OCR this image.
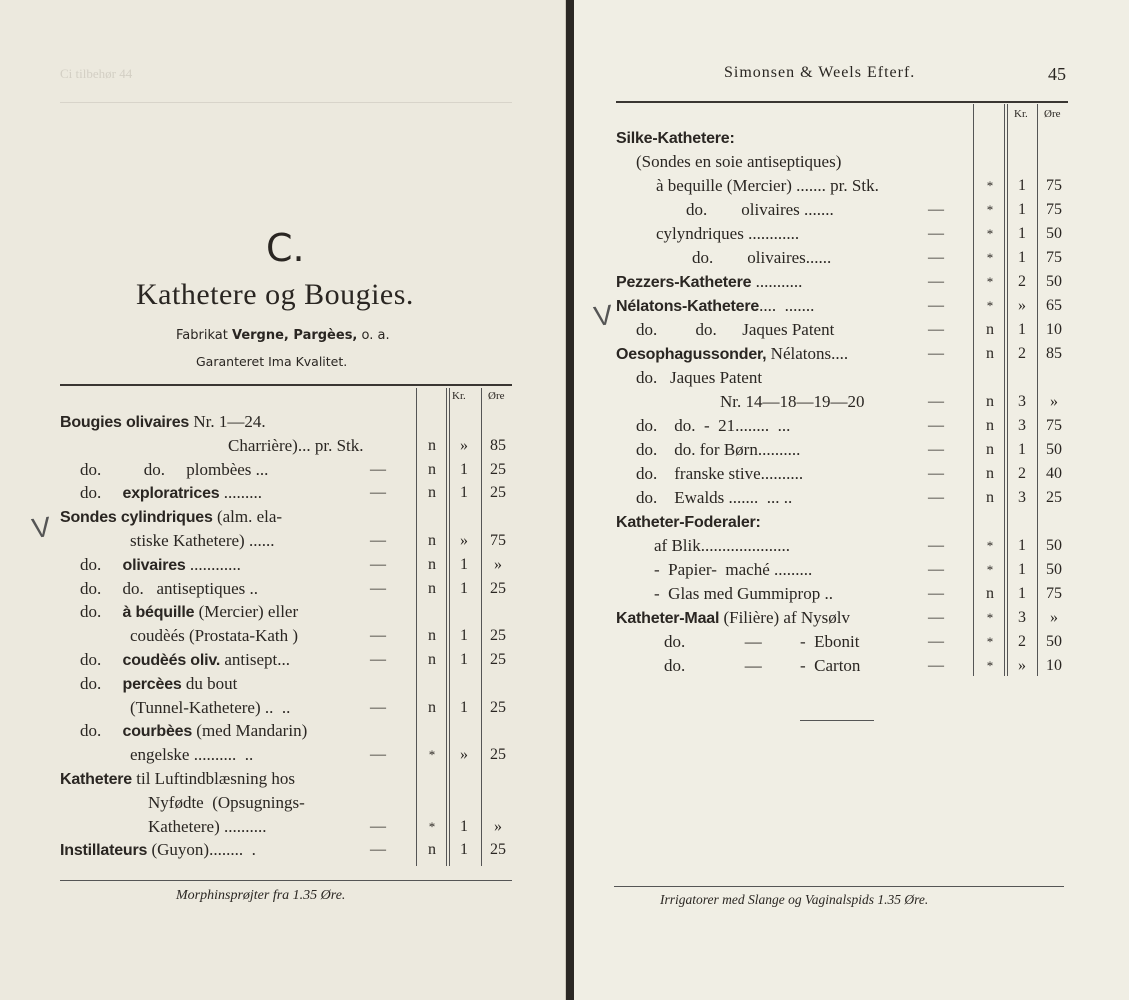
Ci tilbehør 44
C.
Kathetere og Bougies.
Fabrikat Vergne, Pargèes, o. a.
Garanteret Ima Kvalitet.
Kr. Øre
Bougies olivaires Nr. 1—24.
Charrière)... pr. Stk.	n	»	85
do.          do.     plombèes ...	—	n	1	25
do.     exploratrices .........	—	n	1	25
Sondes cylindriques (alm. ela-
stiske Kathetere) ......	—	n	»	75
do.     olivaires ............	—	n	1	»
do.     do.   antiseptiques ..	—	n	1	25
do.     à béquille (Mercier) eller
coudèés (Prostata-Kath )	—	n	1	25
do.     coudèés oliv. antisept...	—	n	1	25
do.     percèes du bout
(Tunnel-Kathetere) ..  ..	—	n	1	25
do.     courbèes (med Mandarin)
engelske ..........  ..	—	*	»	25
Kathetere til Luftindblæsning hos
Nyfødte  (Opsugnings-
Kathetere) ..........	—	*	1	»
Instillateurs (Guyon)........  .	—	n	1	25
V
Morphinsprøjter fra 1.35 Øre.
Simonsen & Weels Efterf.	45
Kr. Øre
Silke-Kathetere:
(Sondes en soie antiseptiques)
à bequille (Mercier) ....... pr. Stk.	*	1	75
do.        olivaires .......	—	*	1	75
cylyndriques ............	—	*	1	50
do.        olivaires......	—	*	1	75
Pezzers-Kathetere ...........	—	*	2	50
Nélatons-Kathetere....  .......	—	*	»	65
do.         do.      Jaques Patent	—	n	1	10
Oesophagussonder, Nélatons....	—	n	2	85
do.   Jaques Patent
Nr. 14—18—19—20	—	n	3	»
do.    do.  -  21........  ...	—	n	3	75
do.    do. for Børn..........	—	n	1	50
do.    franske stive..........	—	n	2	40
do.    Ewalds .......  ... ..	—	n	3	25
Katheter-Foderaler:
af Blik.....................	—	*	1	50
-  Papier-  maché .........	—	*	1	50
-  Glas med Gummiprop ..	—	n	1	75
Katheter-Maal (Filière) af Nysølv	—	*	3	»
do.              —         -  Ebonit	—	*	2	50
do.              —         -  Carton	—	*	»	10
V
Irrigatorer med Slange og Vaginalspids 1.35 Øre.
